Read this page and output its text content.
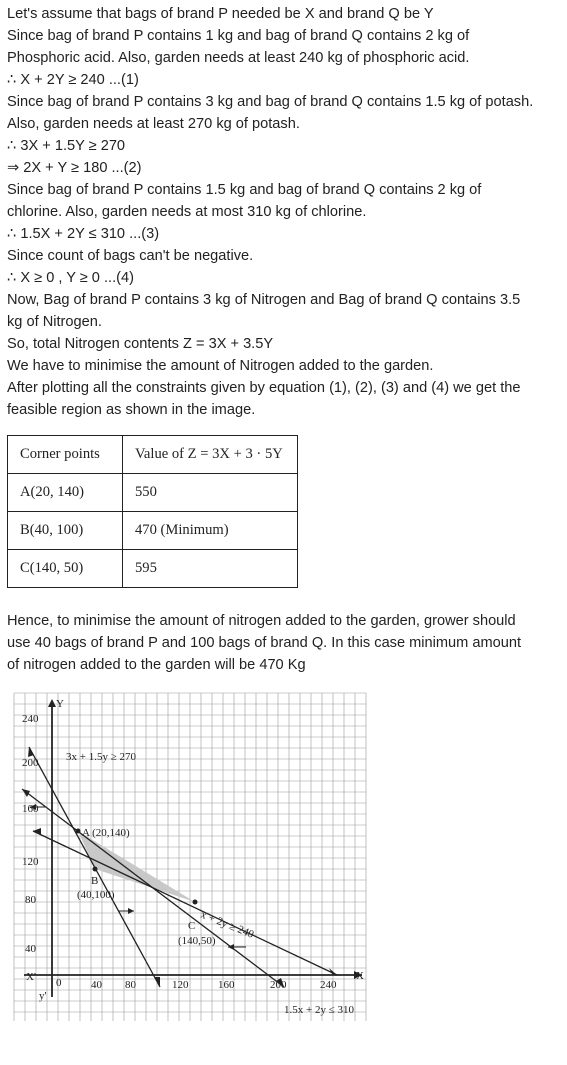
Let's assume that bags of brand P needed be X and brand Q be Y
Since bag of brand P contains 1 kg and bag of brand Q contains 2 kg of
Phosphoric acid. Also, garden needs at least 240 kg of phosphoric acid.
∴ X + 2Y ≥ 240 ...(1)
Since bag of brand P contains 3 kg and bag of brand Q contains 1.5 kg of potash.
Also, garden needs at least 270 kg of potash.
∴ 3X + 1.5Y ≥ 270
⇒ 2X + Y ≥ 180 ...(2)
Since bag of brand P contains 1.5 kg and bag of brand Q contains 2 kg of
chlorine. Also, garden needs at most 310 kg of chlorine.
∴ 1.5X + 2Y ≤ 310 ...(3)
Since count of bags can't be negative.
∴ X ≥ 0 , Y ≥ 0 ...(4)
Now, Bag of brand P contains 3 kg of Nitrogen and Bag of brand Q contains 3.5
kg of Nitrogen.
So, total Nitrogen contents Z = 3X + 3.5Y
We have to minimise the amount of Nitrogen added to the garden.
After plotting all the constraints given by equation (1), (2), (3) and (4) we get the
feasible region as shown in the image.
Corner points	Value of Z = 3X + 3 · 5Y
A(20, 140)	550
B(40, 100)	470 (Minimum)
C(140, 50)	595
Hence, to minimise the amount of nitrogen added to the garden, grower should
use 40 bags of brand P and 100 bags of brand Q. In this case minimum amount
of nitrogen added to the garden will be 470 Kg
Y
X
X'
y'
0	40 80	120	160	200	240
40
80
120
160
200
240
3x + 1.5y ≥ 270
x + 2y ≥ 240
1.5x + 2y ≤ 310
A (20,140)
B
(40,100)
C
(140,50)
